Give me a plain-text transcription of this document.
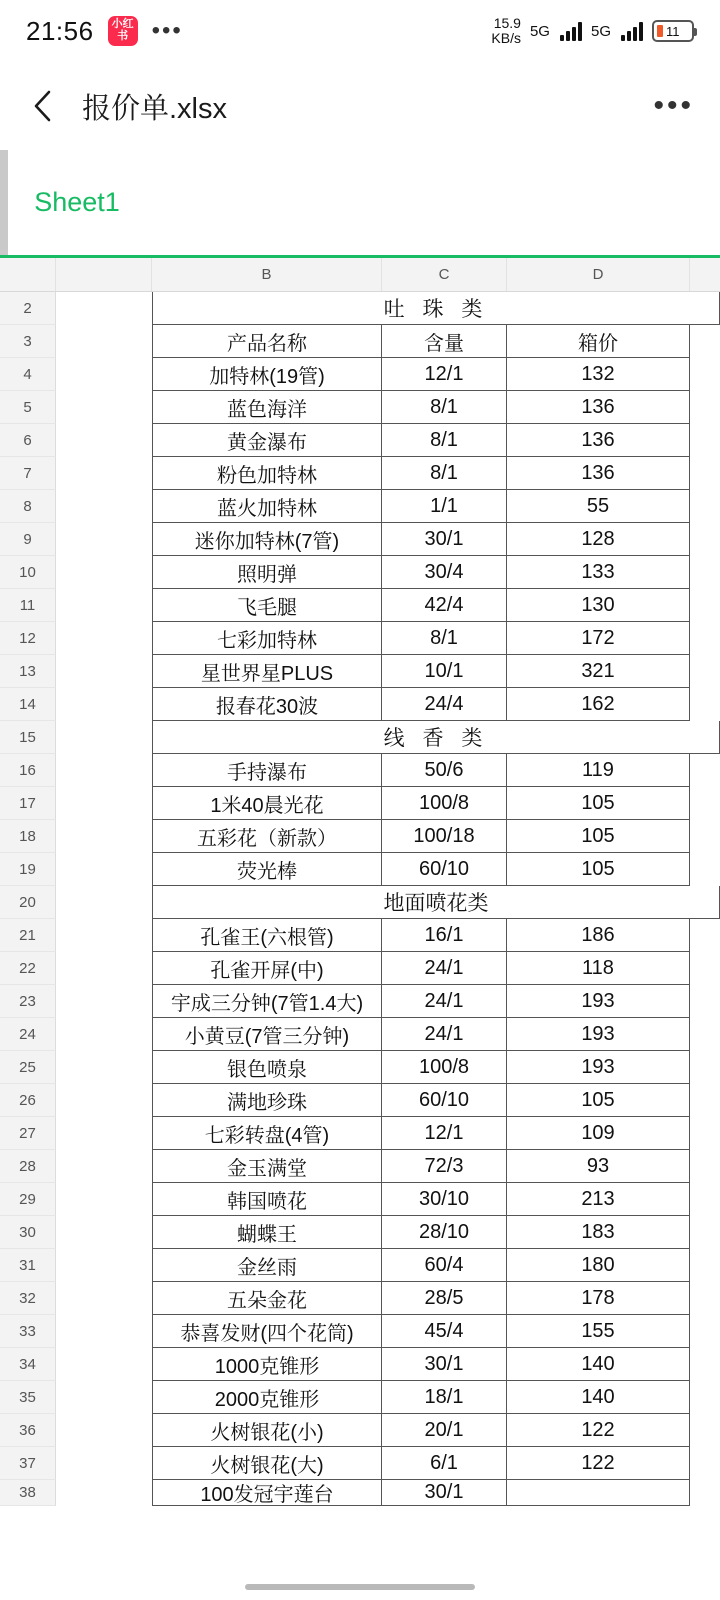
21:56	小红书 •••	15.9
KB/s 5G	5G	11
报价单.xlsx	•••
Sheet1
B	C	D
2	吐 珠 类
3	产品名称	含量	箱价
4	加特林(19管)	12/1	132
5	蓝色海洋	8/1	136
6	黄金瀑布	8/1	136
7	粉色加特林	8/1	136
8	蓝火加特林	1/1	55
9	迷你加特林(7管)	30/1	128
10	照明弹	30/4	133
11	飞毛腿	42/4	130
12	七彩加特林	8/1	172
13	星世界星PLUS	10/1	321
14	报春花30波	24/4	162
15	线 香 类
16	手持瀑布	50/6	119
17	1米40晨光花	100/8	105
18	五彩花（新款）	100/18	105
19	荧光棒	60/10	105
20	地面喷花类
21	孔雀王(六根管)	16/1	186
22	孔雀开屏(中)	24/1	118
23	宇成三分钟(7管1.4大)	24/1	193
24	小黄豆(7管三分钟)	24/1	193
25	银色喷泉	100/8	193
26	满地珍珠	60/10	105
27	七彩转盘(4管)	12/1	109
28	金玉满堂	72/3	93
29	韩国喷花	30/10	213
30	蝴蝶王	28/10	183
31	金丝雨	60/4	180
32	五朵金花	28/5	178
33	恭喜发财(四个花筒)	45/4	155
34	1000克锥形	30/1	140
35	2000克锥形	18/1	140
36	火树银花(小)	20/1	122
37	火树银花(大)	6/1	122
38	100发冠宇莲台	30/1
